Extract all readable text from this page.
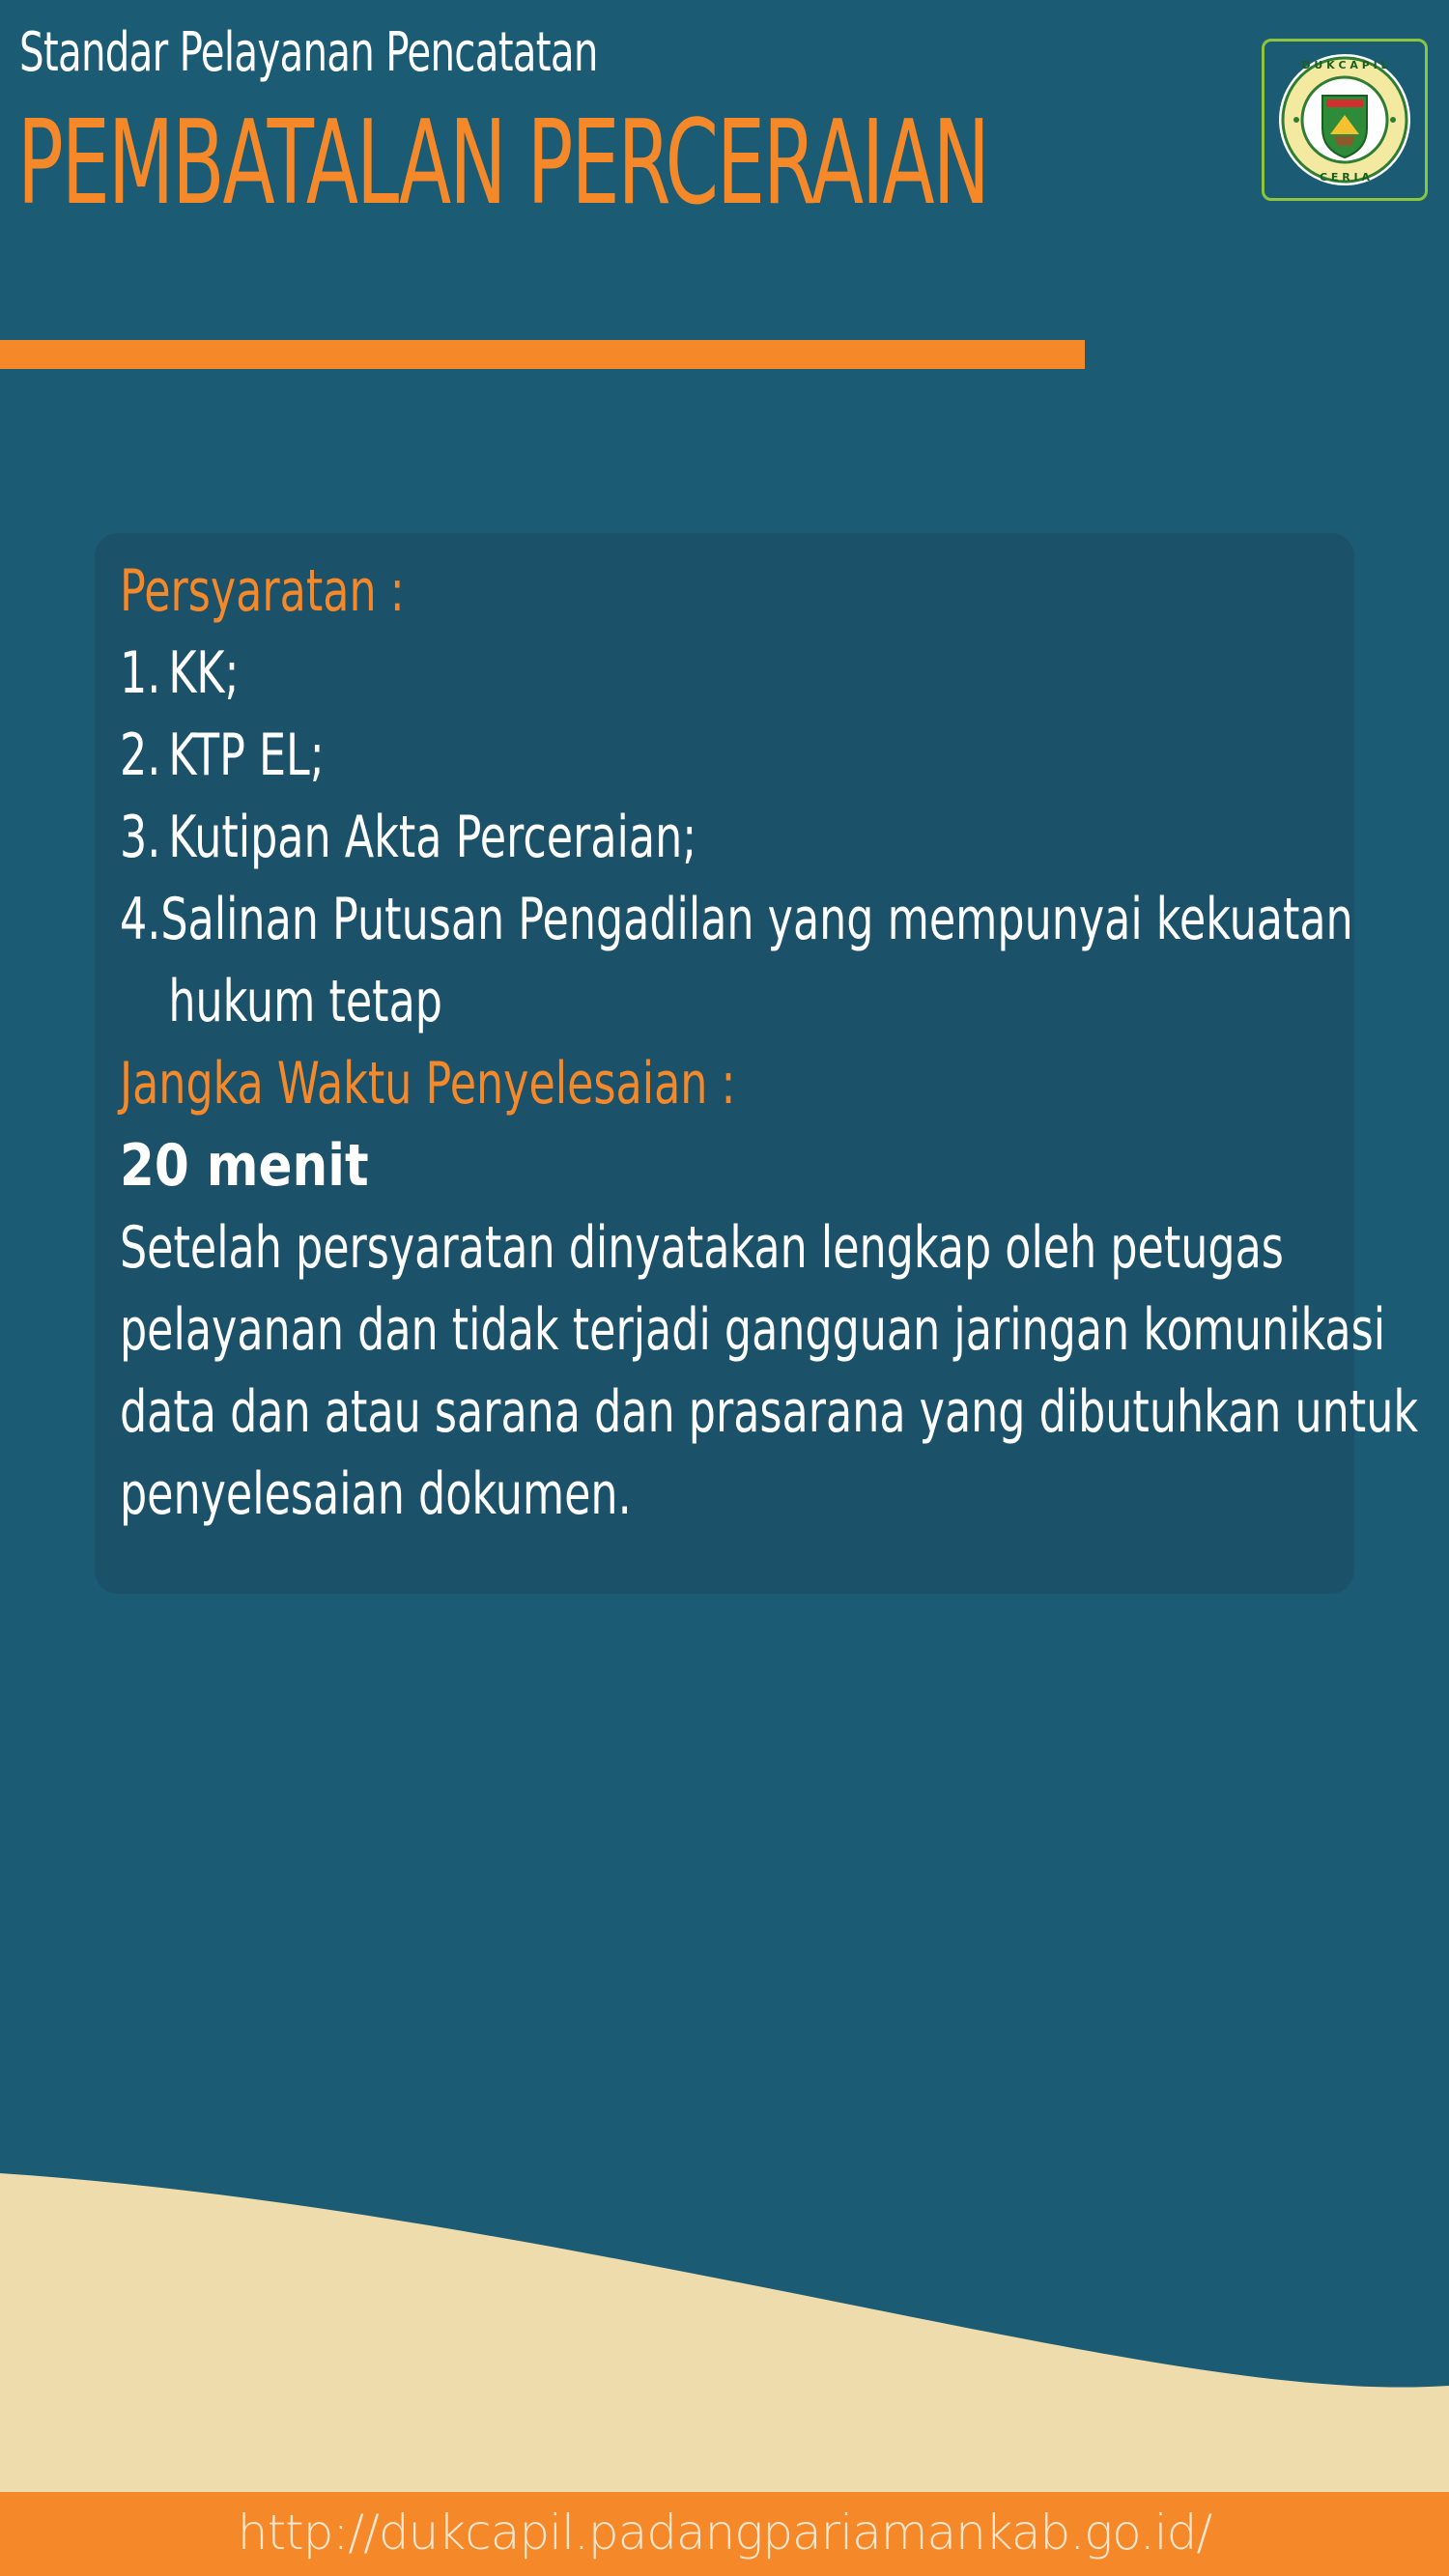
Standar Pelayanan Pencatatan
PEMBATALAN PERCERAIAN
D U K C A P I L
C E R I A
Persyaratan :
1. KK;
2. KTP EL;
3. Kutipan Akta Perceraian;
4. Salinan Putusan Pengadilan yang mempunyai kekuatan
hukum tetap
Jangka Waktu Penyelesaian :
20 menit
Setelah persyaratan dinyatakan lengkap oleh petugas
pelayanan dan tidak terjadi gangguan jaringan komunikasi
data dan atau sarana dan prasarana yang dibutuhkan untuk
penyelesaian dokumen.
http://dukcapil.padangpariamankab.go.id/
